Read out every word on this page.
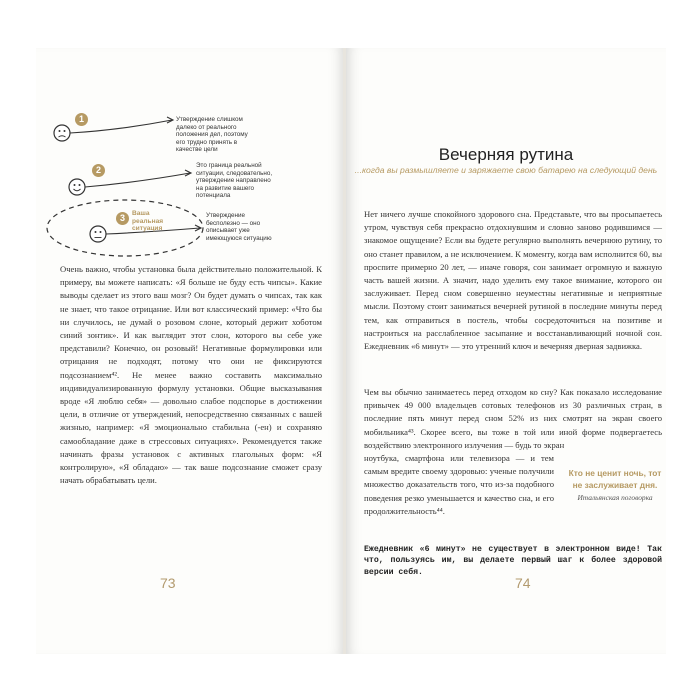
1
2
3	Ваша реальная ситуация
Утверждение слишком далеко от реального положения дел, поэтому его трудно принять в качестве цели
Это граница реальной ситуации, следовательно, утверждение направлено на развитие вашего потенциала
Утверждение бесполезно — оно описывает уже имеющуюся ситуацию

Очень важно, чтобы установка была действительно положительной. К примеру, вы можете написать: «Я больше не буду есть чипсы». Какие выводы сделает из этого ваш мозг? Он будет думать о чипсах, так как не знает, что такое отрицание. Или вот классический пример: «Что бы ни случилось, не думай о розовом слоне, который держит хоботом синий зонтик». И как выглядит этот слон, которого вы себе уже представили? Конечно, он розовый! Негативные формулировки или отрицания не подходят, потому что они не фиксируются подсознанием⁴². Не менее важно составить максимально индивидуализированную формулу установки. Общие высказывания вроде «Я люблю себя» — довольно слабое подспорье в достижении цели, в отличие от утверждений, непосредственно связанных с вашей жизнью, например: «Я эмоционально стабильна (-ен) и сохраняю самообладание даже в стрессовых ситуациях». Рекомендуется также начинать фразы установок с активных глагольных форм: «Я контролирую», «Я обладаю» — так ваше подсознание сможет сразу начать обрабатывать цели.

73
Вечерняя рутина
...когда вы размышляете и заряжаете свою батарею на следующий день

Нет ничего лучше спокойного здорового сна. Представьте, что вы просыпаетесь утром, чувствуя себя прекрасно отдохнувшим и словно заново родившимся — знакомое ощущение? Если вы будете регулярно выполнять вечернюю рутину, то оно станет правилом, а не исключением. К моменту, когда вам исполнится 60, вы проспите примерно 20 лет, — иначе говоря, сон занимает огромную и важную часть вашей жизни. А значит, надо уделить ему такое внимание, которого он заслуживает. Перед сном совершенно неуместны негативные и неприятные мысли. Поэтому стоит заниматься вечерней рутиной в последние минуты перед тем, как отправиться в постель, чтобы сосредоточиться на позитиве и настроиться на расслабленное засыпание и восстанавливающий ночной сон. Ежедневник «6 минут» — это утренний ключ и вечерняя дверная задвижка.

Чем вы обычно занимаетесь перед отходом ко сну? Как показало исследование привычек 49 000 владельцев сотовых телефонов из 30 различных стран, в последние пять минут перед сном 52% из них смотрят на экран своего мобильника⁴³. Скорее всего, вы тоже в той или иной форме подвергаетесь воздействию электронного излучения — будь то экран

ноутбука, смартфона или телевизора — и тем самым вредите своему здоровью: ученые получили множество доказательств того, что из-за подобного поведения резко уменьшается и качество сна, и его продолжительность⁴⁴.

Кто не ценит ночь, тот не заслуживает дня.
Итальянская поговорка
Ежедневник «6 минут» не существует в электронном виде! Так что, пользуясь им, вы делаете первый шаг к более здоровой версии себя.
74
